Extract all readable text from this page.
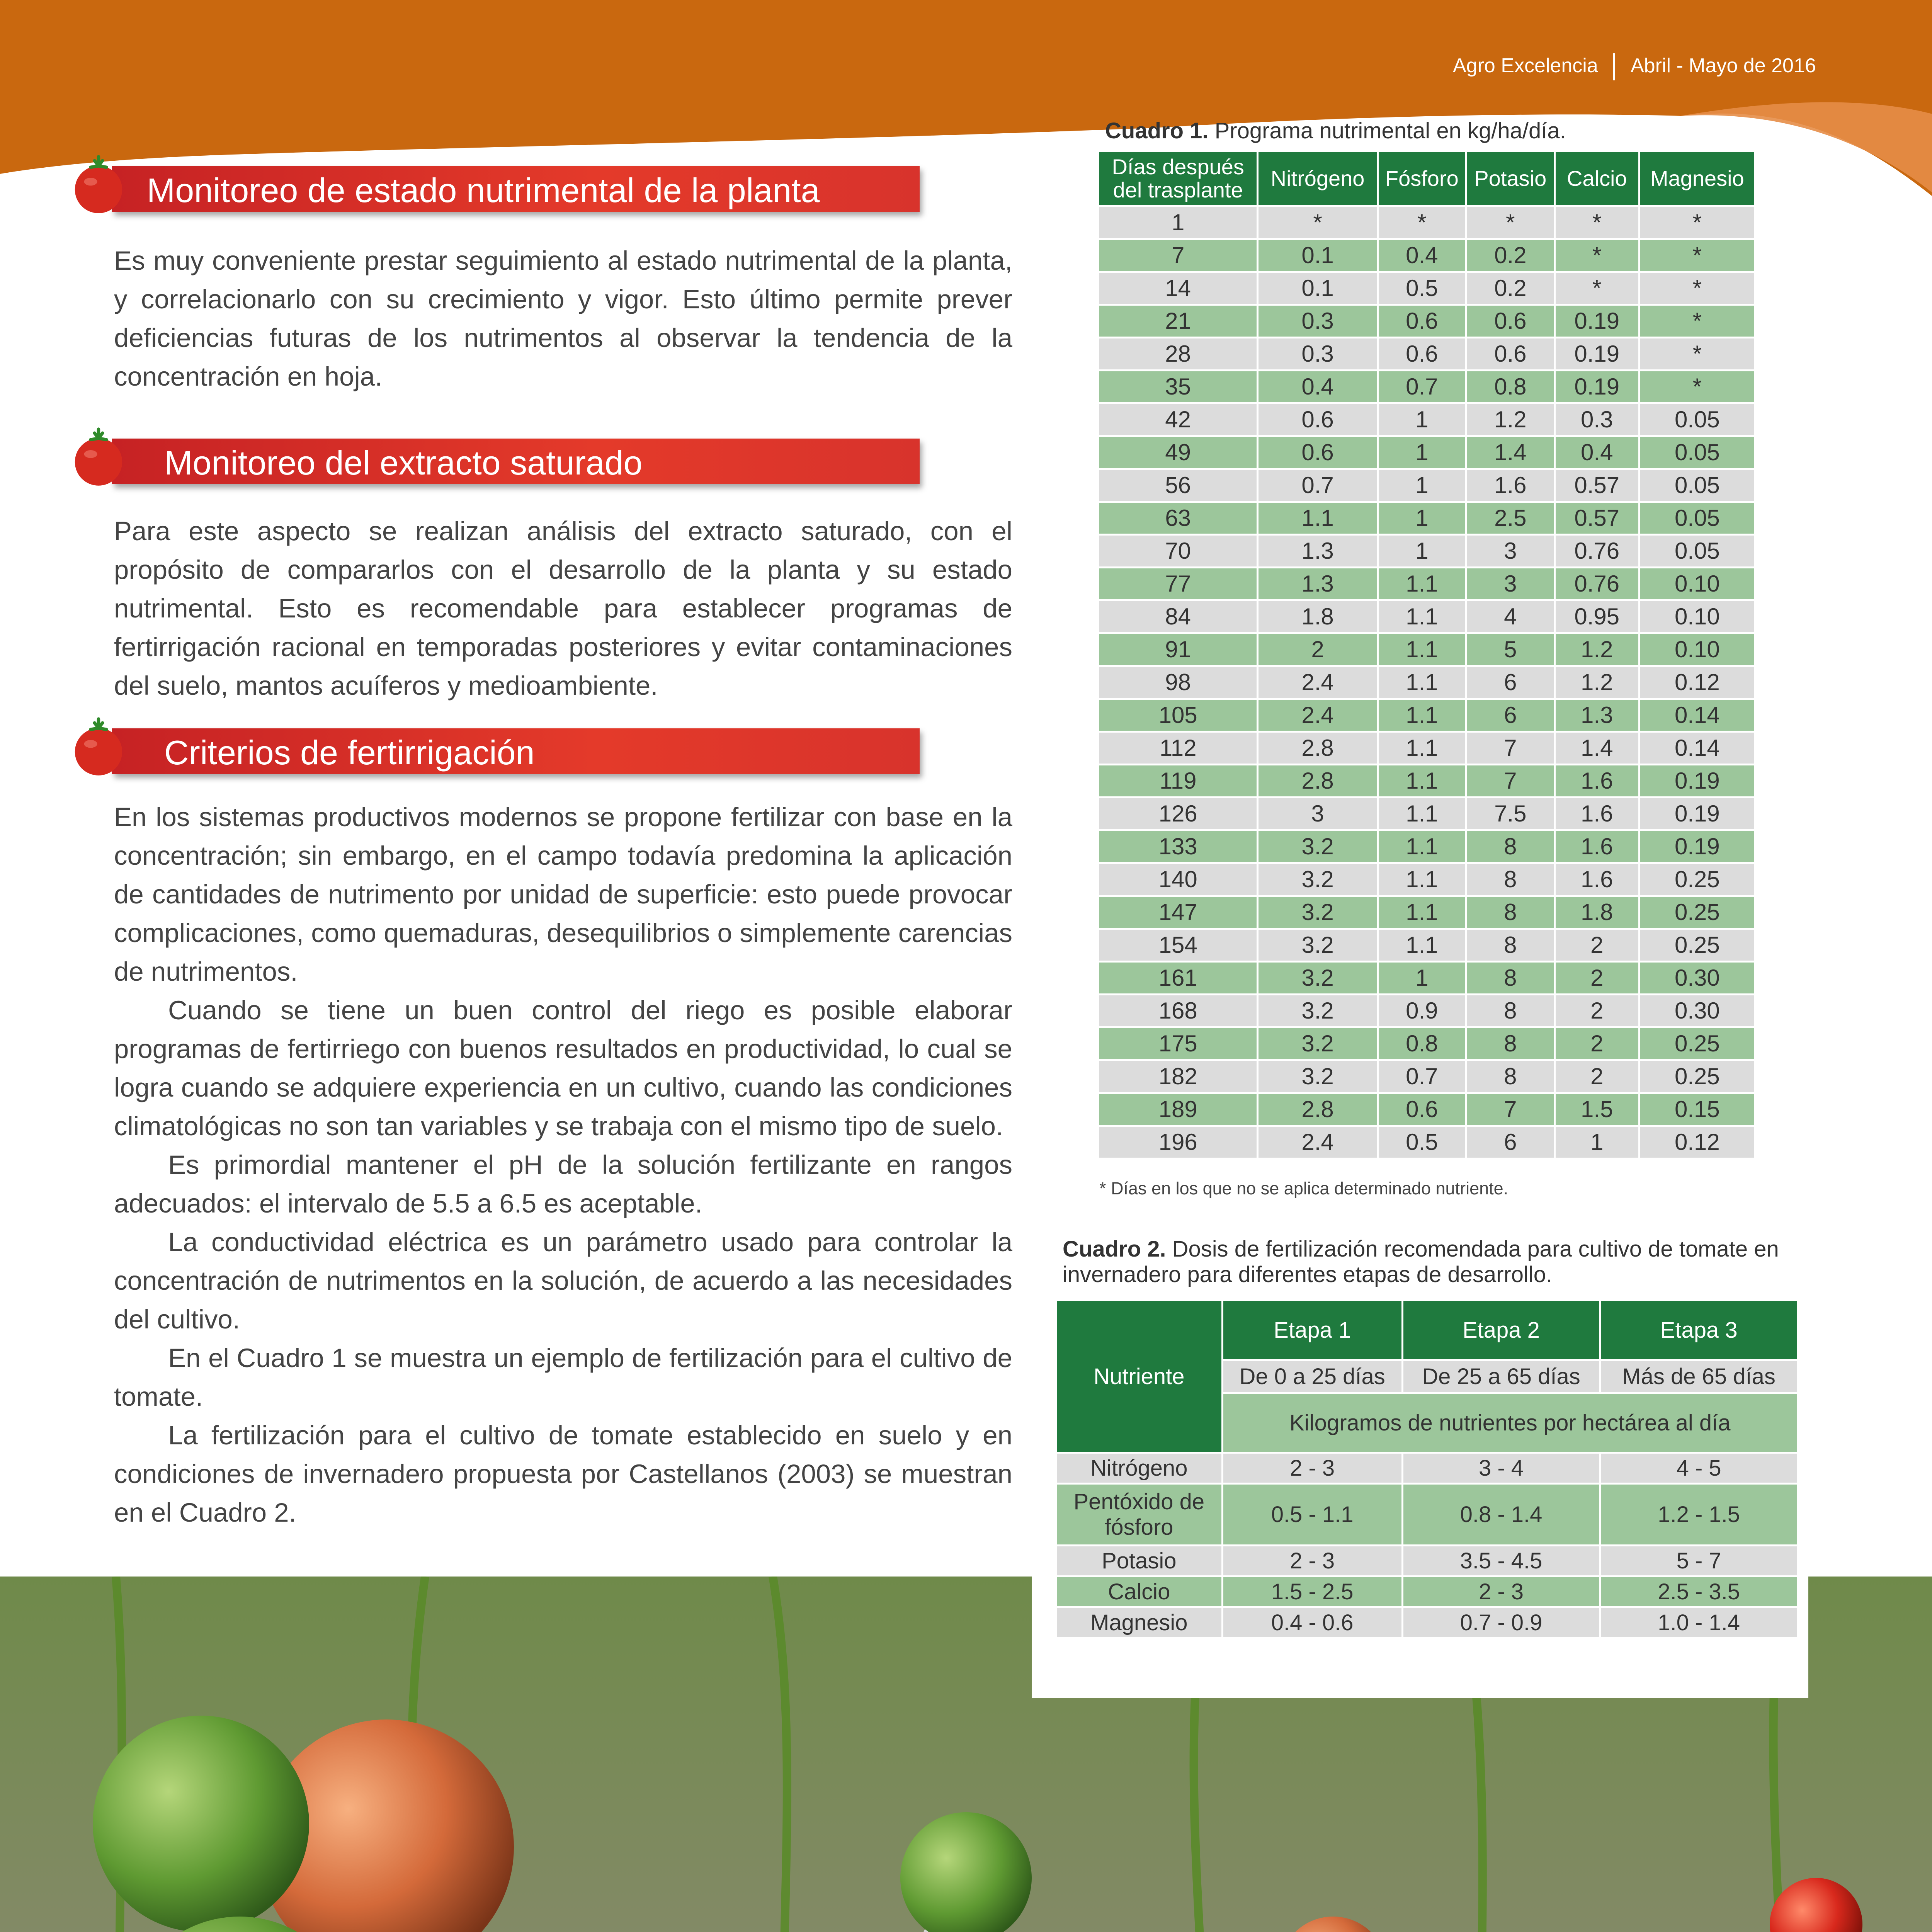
Agro Excelencia Abril - Mayo de 2016
Monitoreo de estado nutrimental de la planta

Es muy conveniente prestar seguimiento al estado nutrimental de la planta, y correlacionarlo con su crecimiento y vigor. Esto último permite prever deficiencias futuras de los nutrimentos al observar la tendencia de la concentración en hoja.

Monitoreo del extracto saturado

Para este aspecto se realizan análisis del extracto saturado, con el propósito de compararlos con el desarrollo de la planta y su estado nutrimental. Esto es recomendable para establecer programas de fertirrigación racional en temporadas posteriores y evitar contaminaciones del suelo, mantos acuíferos y medioambiente.

Criterios de fertirrigación

En los sistemas productivos modernos se propone fertilizar con base en la concentración; sin embargo, en el campo todavía predomina la aplicación de cantidades de nutrimento por unidad de superficie: esto puede provocar complicaciones, como quemaduras, desequilibrios o simplemente carencias de nutrimentos.

Cuando se tiene un buen control del riego es posible elaborar programas de fertirriego con buenos resultados en productividad, lo cual se logra cuando se adquiere experiencia en un cultivo, cuando las condiciones climatológicas no son tan variables y se trabaja con el mismo tipo de suelo.

Es primordial mantener el pH de la solución fertilizante en rangos adecuados: el intervalo de 5.5 a 6.5 es aceptable.

La conductividad eléctrica es un parámetro usado para controlar la concentración de nutrimentos en la solución, de acuerdo a las necesidades del cultivo.

En el Cuadro 1 se muestra un ejemplo de fertilización para el cultivo de tomate.

La fertilización para el cultivo de tomate establecido en suelo y en condiciones de invernadero propuesta por Castellanos (2003) se muestran en el Cuadro 2.

Cuadro 1. Programa nutrimental en kg/ha/día.
Días después del trasplante	Nitrógeno	Fósforo	Potasio	Calcio	Magnesio
1	*	*	*	*	*
7	0.1	0.4	0.2	*	*
14	0.1	0.5	0.2	*	*
21	0.3	0.6	0.6	0.19	*
28	0.3	0.6	0.6	0.19	*
35	0.4	0.7	0.8	0.19	*
42	0.6	1	1.2	0.3	0.05
49	0.6	1	1.4	0.4	0.05
56	0.7	1	1.6	0.57	0.05
63	1.1	1	2.5	0.57	0.05
70	1.3	1	3	0.76	0.05
77	1.3	1.1	3	0.76	0.10
84	1.8	1.1	4	0.95	0.10
91	2	1.1	5	1.2	0.10
98	2.4	1.1	6	1.2	0.12
105	2.4	1.1	6	1.3	0.14
112	2.8	1.1	7	1.4	0.14
119	2.8	1.1	7	1.6	0.19
126	3	1.1	7.5	1.6	0.19
133	3.2	1.1	8	1.6	0.19
140	3.2	1.1	8	1.6	0.25
147	3.2	1.1	8	1.8	0.25
154	3.2	1.1	8	2	0.25
161	3.2	1	8	2	0.30
168	3.2	0.9	8	2	0.30
175	3.2	0.8	8	2	0.25
182	3.2	0.7	8	2	0.25
189	2.8	0.6	7	1.5	0.15
196	2.4	0.5	6	1	0.12
* Días en los que no se aplica determinado nutriente.
Cuadro 2. Dosis de fertilización recomendada para cultivo de tomate en invernadero para diferentes etapas de desarrollo.
Nutriente	Etapa 1	Etapa 2	Etapa 3
	De 0 a 25 días	De 25 a 65 días	Más de 65 días
	Kilogramos de nutrientes por hectárea al día		
Nitrógeno	2 - 3	3 - 4	4 - 5
Pentóxido de fósforo	0.5 - 1.1	0.8 - 1.4	1.2 - 1.5
Potasio	2 - 3	3.5 - 4.5	5 - 7
Calcio	1.5 - 2.5	2 - 3	2.5 - 3.5
Magnesio	0.4 - 0.6	0.7 - 0.9	1.0 - 1.4
